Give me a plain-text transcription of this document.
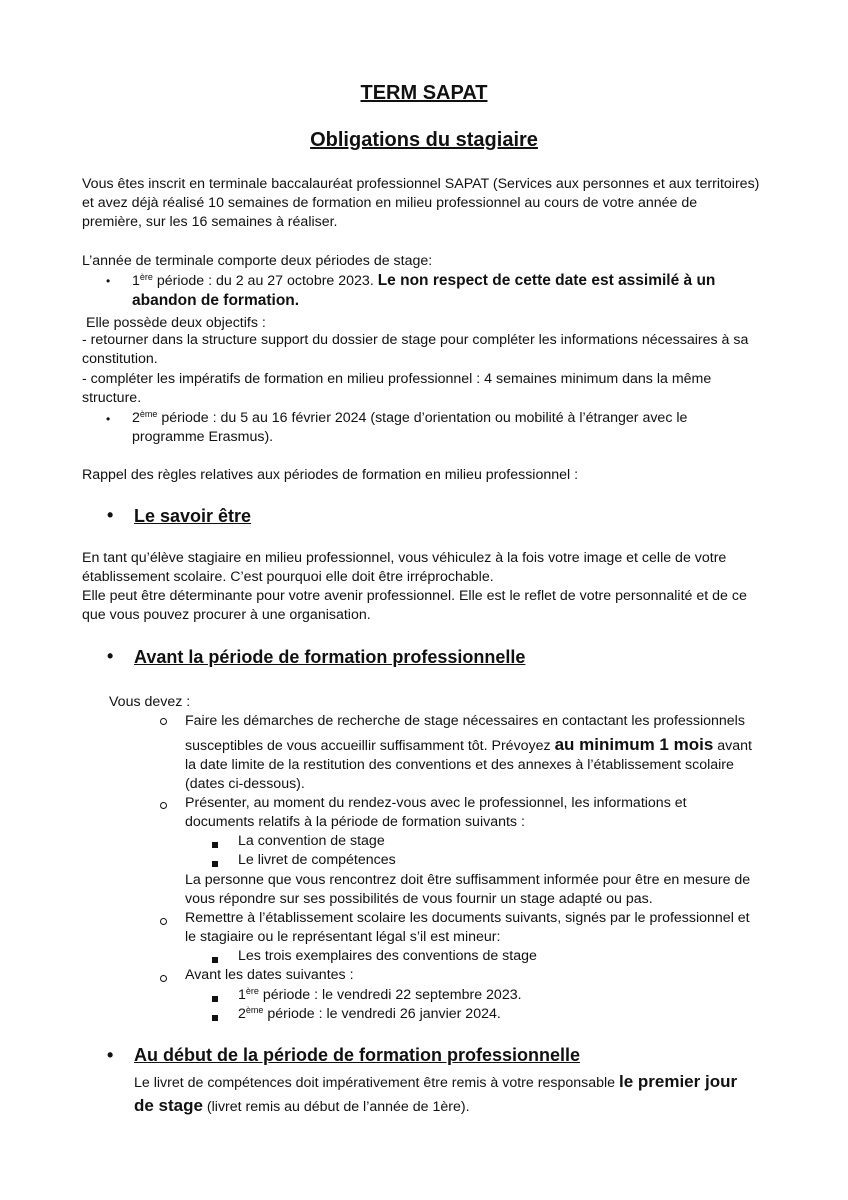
TERM SAPAT
Obligations du stagiaire
Vous êtes inscrit en terminale baccalauréat professionnel SAPAT (Services aux personnes et aux territoires)
et avez déjà réalisé 10 semaines de formation en milieu professionnel au cours de votre année de
première, sur les 16 semaines à réaliser.
L’année de terminale comporte deux périodes de stage:
• 1ère période : du 2 au 27 octobre 2023. Le non respect de cette date est assimilé à un
abandon de formation.
Elle possède deux objectifs :
- retourner dans la structure support du dossier de stage pour compléter les informations nécessaires à sa
constitution.
- compléter les impératifs de formation en milieu professionnel : 4 semaines minimum dans la même
structure.
• 2ème période : du 5 au 16 février 2024 (stage d’orientation ou mobilité à l’étranger avec le
programme Erasmus).
Rappel des règles relatives aux périodes de formation en milieu professionnel :
• Le savoir être
En tant qu’élève stagiaire en milieu professionnel, vous véhiculez à la fois votre image et celle de votre
établissement scolaire. C’est pourquoi elle doit être irréprochable.
Elle peut être déterminante pour votre avenir professionnel. Elle est le reflet de votre personnalité et de ce
que vous pouvez procurer à une organisation.
• Avant la période de formation professionnelle
Vous devez :
Faire les démarches de recherche de stage nécessaires en contactant les professionnels
susceptibles de vous accueillir suffisamment tôt. Prévoyez au minimum 1 mois avant
la date limite de la restitution des conventions et des annexes à l’établissement scolaire
(dates ci-dessous).
Présenter, au moment du rendez-vous avec le professionnel, les informations et
documents relatifs à la période de formation suivants :
La convention de stage
Le livret de compétences
La personne que vous rencontrez doit être suffisamment informée pour être en mesure de
vous répondre sur ses possibilités de vous fournir un stage adapté ou pas.
Remettre à l’établissement scolaire les documents suivants, signés par le professionnel et
le stagiaire ou le représentant légal s’il est mineur:
Les trois exemplaires des conventions de stage
Avant les dates suivantes :
1ère période : le vendredi 22 septembre 2023.
2ème période : le vendredi 26 janvier 2024.
• Au début de la période de formation professionnelle
Le livret de compétences doit impérativement être remis à votre responsable le premier jour
de stage (livret remis au début de l’année de 1ère).
